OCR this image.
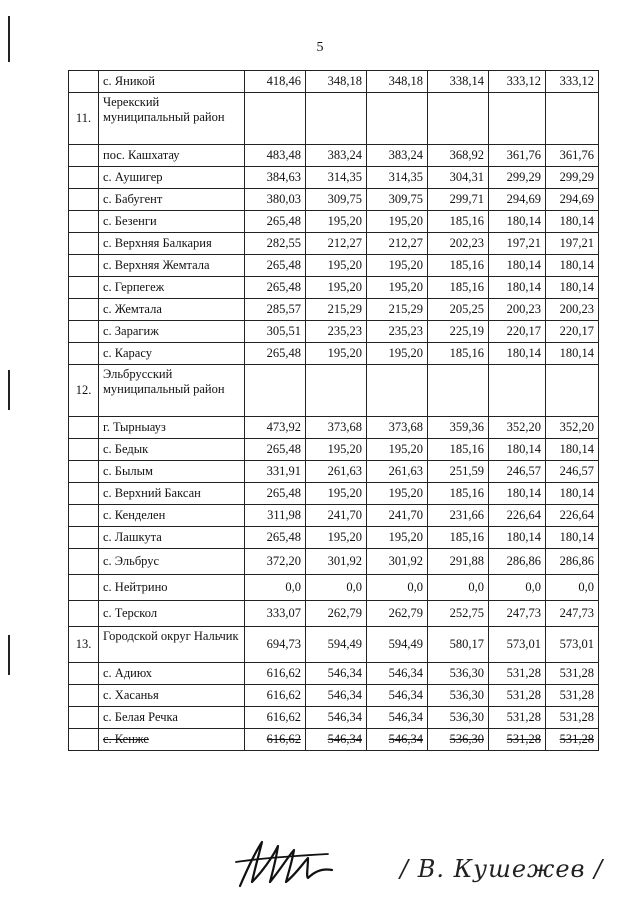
5
	с. Яникой	418,46	348,18	348,18	338,14	333,12	333,12
11.	Черекский муниципальный район						
	пос. Кашхатау	483,48	383,24	383,24	368,92	361,76	361,76
	с. Аушигер	384,63	314,35	314,35	304,31	299,29	299,29
	с. Бабугент	380,03	309,75	309,75	299,71	294,69	294,69
	с. Безенги	265,48	195,20	195,20	185,16	180,14	180,14
	с. Верхняя Балкария	282,55	212,27	212,27	202,23	197,21	197,21
	с. Верхняя Жемтала	265,48	195,20	195,20	185,16	180,14	180,14
	с. Герпегеж	265,48	195,20	195,20	185,16	180,14	180,14
	с. Жемтала	285,57	215,29	215,29	205,25	200,23	200,23
	с. Зарагиж	305,51	235,23	235,23	225,19	220,17	220,17
	с. Карасу	265,48	195,20	195,20	185,16	180,14	180,14
12.	Эльбрусский муниципальный район						
	г. Тырныауз	473,92	373,68	373,68	359,36	352,20	352,20
	с. Бедык	265,48	195,20	195,20	185,16	180,14	180,14
	с. Былым	331,91	261,63	261,63	251,59	246,57	246,57
	с. Верхний Баксан	265,48	195,20	195,20	185,16	180,14	180,14
	с. Кенделен	311,98	241,70	241,70	231,66	226,64	226,64
	с. Лашкута	265,48	195,20	195,20	185,16	180,14	180,14
	с. Эльбрус	372,20	301,92	301,92	291,88	286,86	286,86
	с. Нейтрино	0,0	0,0	0,0	0,0	0,0	0,0
	с. Терскол	333,07	262,79	262,79	252,75	247,73	247,73
13.	Городской округ Нальчик	694,73	594,49	594,49	580,17	573,01	573,01
	с. Адиюх	616,62	546,34	546,34	536,30	531,28	531,28
	с. Хасанья	616,62	546,34	546,34	536,30	531,28	531,28
	с. Белая Речка	616,62	546,34	546,34	536,30	531,28	531,28
	с. Кенже	616,62	546,34	546,34	536,30	531,28	531,28
/ В. Кушежев /
